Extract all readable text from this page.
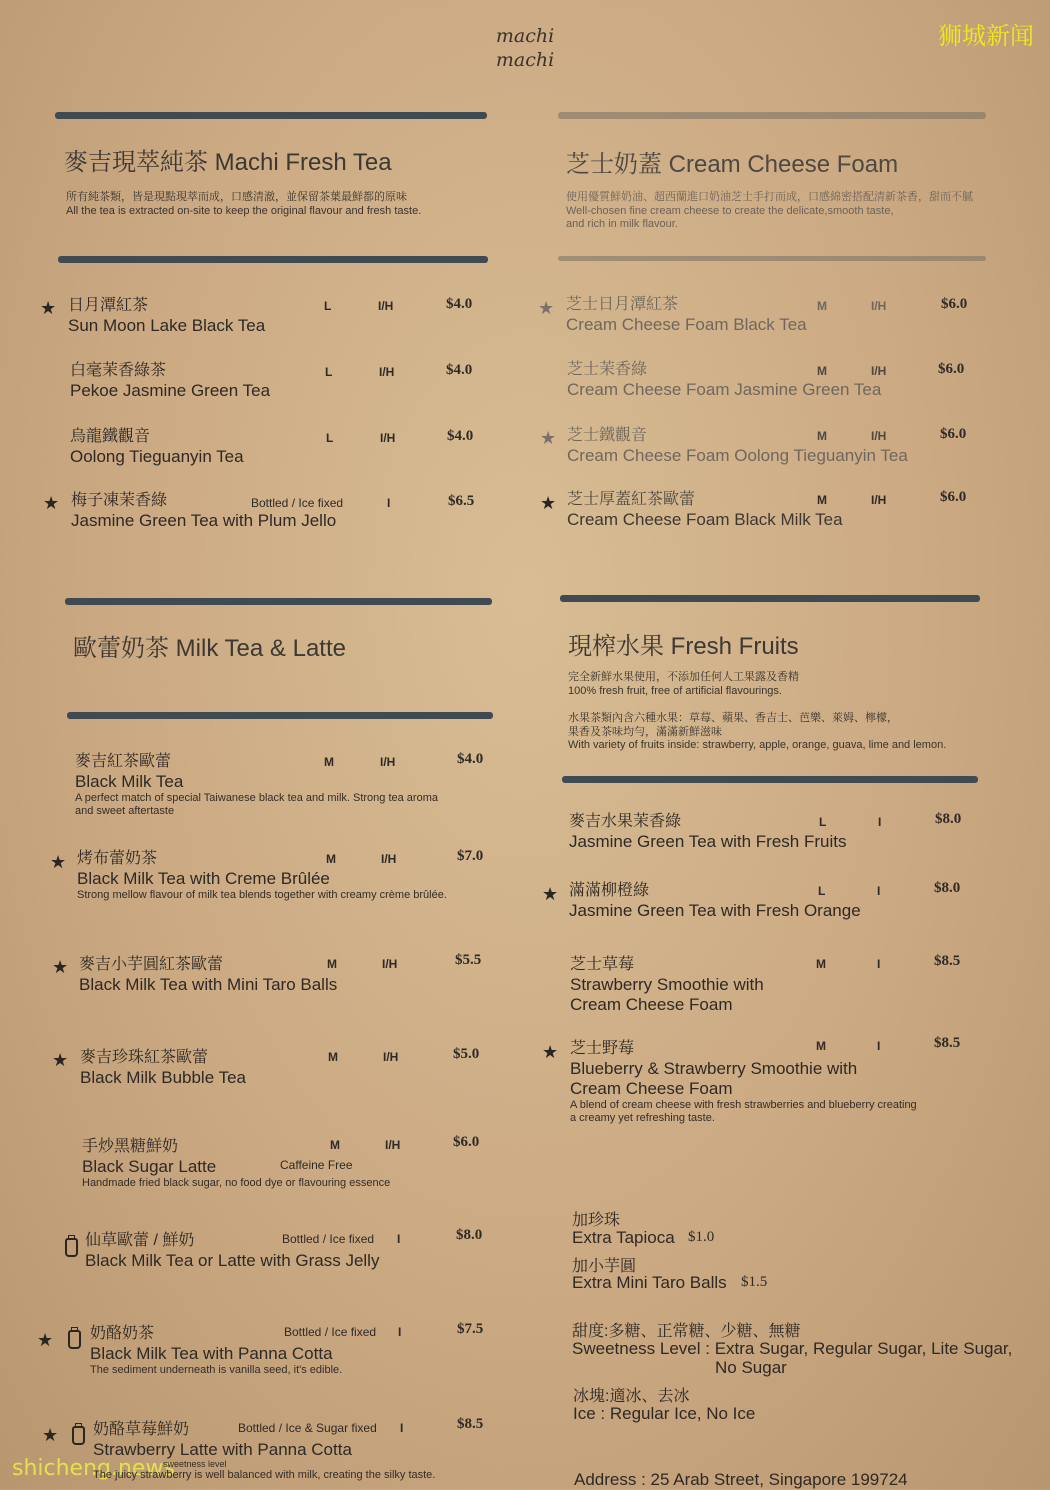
machi
machi
狮城新闻
shicheng.news
麥吉現萃純茶 Machi Fresh Tea
所有純茶類，皆是現點現萃而成，口感清澈，並保留茶葉最鮮都的原味
All the tea is extracted on-site to keep the original flavour and fresh taste.
★ 日月潭紅茶
Sun Moon Lake Black Tea
L	I/H	$4.0
白毫茉香綠茶
Pekoe Jasmine Green Tea
L	I/H	$4.0
烏龍鐵觀音
Oolong Tieguanyin Tea
L	I/H	$4.0
★ 梅子凍茉香綠
Jasmine Green Tea with Plum Jello
Bottled / Ice fixed	I	$6.5
芝士奶蓋 Cream Cheese Foam
使用優質鮮奶油、超西蘭進口奶油芝士手打而成，口感綿密搭配清新茶香，甜而不膩
Well-chosen fine cream cheese to create the delicate,smooth taste,
and rich in milk flavour.
★ 芝士日月潭紅茶
Cream Cheese Foam Black Tea
M	I/H	$6.0
芝士茉香綠
Cream Cheese Foam Jasmine Green Tea
M	I/H	$6.0
★ 芝士鐵觀音
Cream Cheese Foam Oolong Tieguanyin Tea
M	I/H	$6.0
★ 芝士厚蓋紅茶歐蕾
Cream Cheese Foam Black Milk Tea
M	I/H	$6.0
歐蕾奶茶 Milk Tea & Latte
麥吉紅茶歐蕾
Black Milk Tea
A perfect match of special Taiwanese black tea and milk. Strong tea aroma
and sweet aftertaste
M	I/H	$4.0
★ 烤布蕾奶茶
Black Milk Tea with Creme Brûlée
Strong mellow flavour of milk tea blends together with creamy crème brûlée.
M	I/H	$7.0
★ 麥吉小芋圓紅茶歐蕾
Black Milk Tea with Mini Taro Balls
M	I/H	$5.5
★ 麥吉珍珠紅茶歐蕾
Black Milk Bubble Tea
M	I/H	$5.0
手炒黑糖鮮奶
Black Sugar Latte
Handmade fried black sugar, no food dye or flavouring essence
Caffeine Free
M	I/H	$6.0
仙草歐蕾 / 鮮奶
Black Milk Tea or Latte with Grass Jelly
Bottled / Ice fixed I	$8.0
★ 奶酪奶茶
Black Milk Tea with Panna Cotta
The sediment underneath is vanilla seed, it's edible.
Bottled / Ice fixed I	$7.5
★ 奶酪草莓鮮奶
Strawberry Latte with Panna Cotta
sweetness level
The juicy strawberry is well balanced with milk, creating the silky taste.
Bottled / Ice & Sugar fixed I	$8.5
現榨水果 Fresh Fruits
完全新鮮水果使用，不添加任何人工果露及香精
100% fresh fruit, free of artificial flavourings.
水果茶類內含六種水果：草莓、蘋果、香吉士、芭樂、萊姆、檸檬，
果香及茶味均勻，滿滿新鮮滋味
With variety of fruits inside: strawberry, apple, orange, guava, lime and lemon.
麥吉水果茉香綠
Jasmine Green Tea with Fresh Fruits
L	I	$8.0
★ 滿滿柳橙綠
Jasmine Green Tea with Fresh Orange
L	I	$8.0
芝士草莓
Strawberry Smoothie with
Cream Cheese Foam
M	I	$8.5
★ 芝士野莓
Blueberry & Strawberry Smoothie with
Cream Cheese Foam
A blend of cream cheese with fresh strawberries and blueberry creating
a creamy yet refreshing taste.
M	I	$8.5
加珍珠
Extra Tapioca $1.0
加小芋圓
Extra Mini Taro Balls $1.5
甜度:多糖、正常糖、少糖、無糖
Sweetness Level : Extra Sugar, Regular Sugar, Lite Sugar,
No Sugar
冰塊:適冰、去冰
Ice : Regular Ice, No Ice
Address : 25 Arab Street, Singapore 199724
